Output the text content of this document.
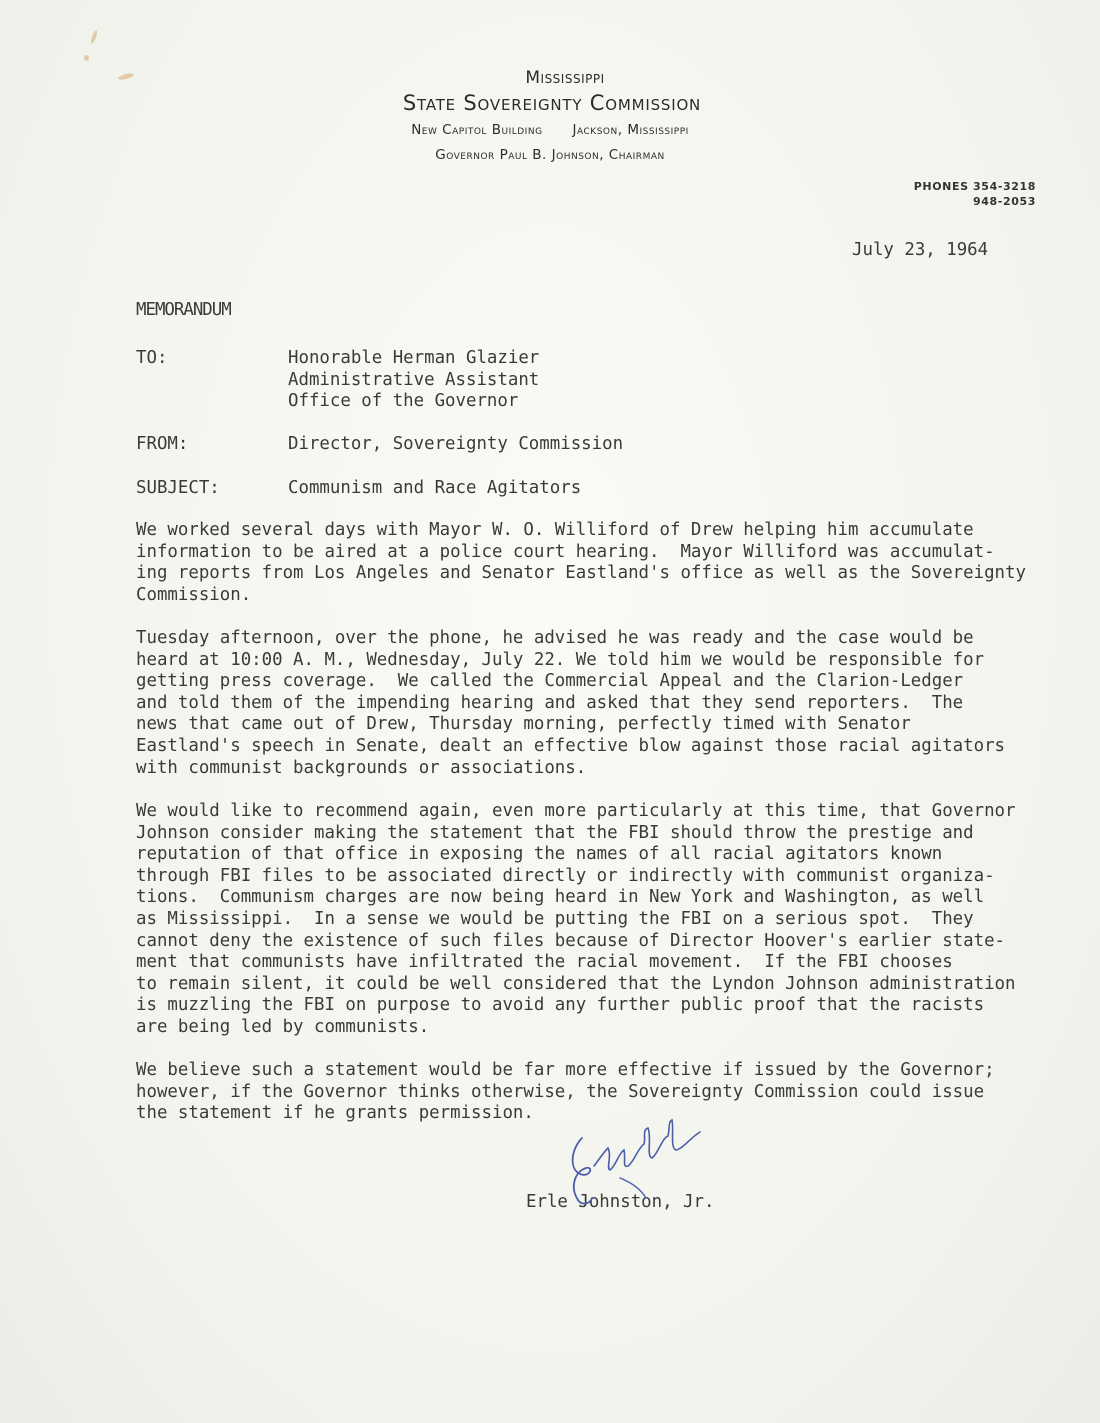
Mississippi
State Sovereignty Commission
New Capitol Building Jackson, Mississippi
Governor Paul B. Johnson, Chairman
PHONES 354-3218
948-2053
July 23, 1964
MEMORANDUM
TO:	Honorable Herman Glazier
Administrative Assistant
Office of the Governor
FROM:	Director, Sovereignty Commission
SUBJECT:	Communism and Race Agitators
We worked several days with Mayor W. O. Williford of Drew helping him accumulate
information to be aired at a police court hearing.  Mayor Williford was accumulat-
ing reports from Los Angeles and Senator Eastland's office as well as the Sovereignty
Commission.
Tuesday afternoon, over the phone, he advised he was ready and the case would be
heard at 10:00 A. M., Wednesday, July 22. We told him we would be responsible for
getting press coverage.  We called the Commercial Appeal and the Clarion-Ledger
and told them of the impending hearing and asked that they send reporters.  The
news that came out of Drew, Thursday morning, perfectly timed with Senator
Eastland's speech in Senate, dealt an effective blow against those racial agitators
with communist backgrounds or associations.
We would like to recommend again, even more particularly at this time, that Governor
Johnson consider making the statement that the FBI should throw the prestige and
reputation of that office in exposing the names of all racial agitators known
through FBI files to be associated directly or indirectly with communist organiza-
tions.  Communism charges are now being heard in New York and Washington, as well
as Mississippi.  In a sense we would be putting the FBI on a serious spot.  They
cannot deny the existence of such files because of Director Hoover's earlier state-
ment that communists have infiltrated the racial movement.  If the FBI chooses
to remain silent, it could be well considered that the Lyndon Johnson administration
is muzzling the FBI on purpose to avoid any further public proof that the racists
are being led by communists.
We believe such a statement would be far more effective if issued by the Governor;
however, if the Governor thinks otherwise, the Sovereignty Commission could issue
the statement if he grants permission.
Erle Johnston, Jr.
